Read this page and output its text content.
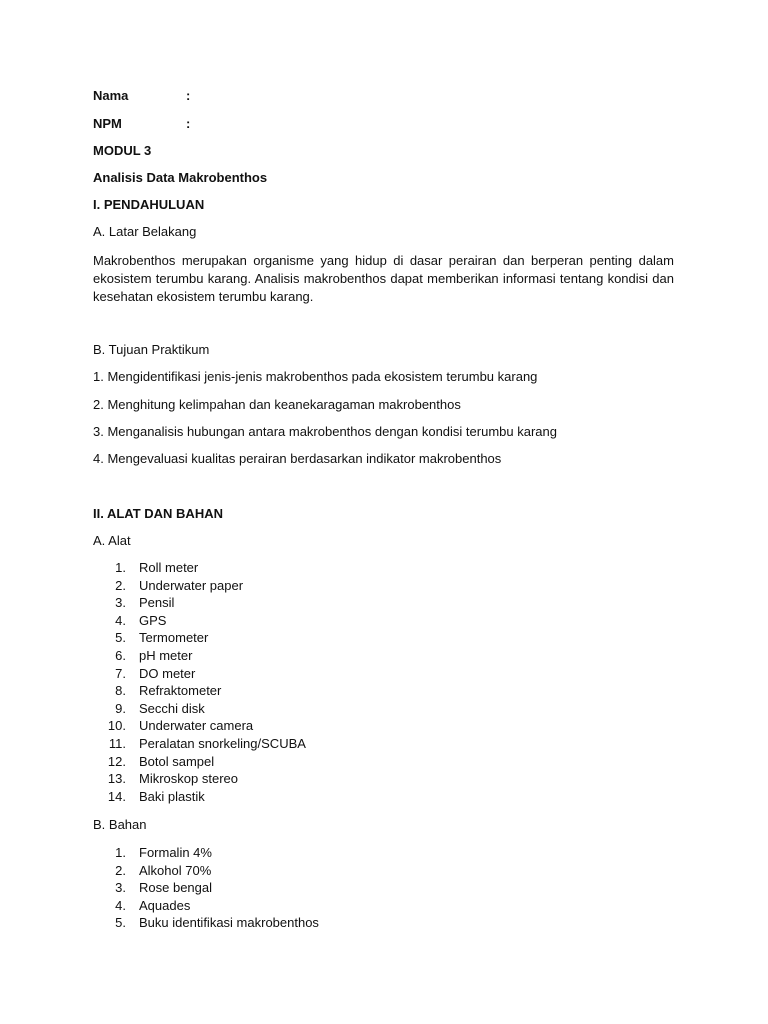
Nama	:
NPM	:
MODUL 3
Analisis Data Makrobenthos
I. PENDAHULUAN
A. Latar Belakang
Makrobenthos merupakan organisme yang hidup di dasar perairan dan berperan penting dalam ekosistem terumbu karang. Analisis makrobenthos dapat memberikan informasi tentang kondisi dan kesehatan ekosistem terumbu karang.
B. Tujuan Praktikum
1. Mengidentifikasi jenis-jenis makrobenthos pada ekosistem terumbu karang
2. Menghitung kelimpahan dan keanekaragaman makrobenthos
3. Menganalisis hubungan antara makrobenthos dengan kondisi terumbu karang
4. Mengevaluasi kualitas perairan berdasarkan indikator makrobenthos
II. ALAT DAN BAHAN
A. Alat
1. Roll meter
2. Underwater paper
3. Pensil
4. GPS
5. Termometer
6. pH meter
7. DO meter
8. Refraktometer
9. Secchi disk
10. Underwater camera
11. Peralatan snorkeling/SCUBA
12. Botol sampel
13. Mikroskop stereo
14. Baki plastik
B. Bahan
1. Formalin 4%
2. Alkohol 70%
3. Rose bengal
4. Aquades
5. Buku identifikasi makrobenthos
